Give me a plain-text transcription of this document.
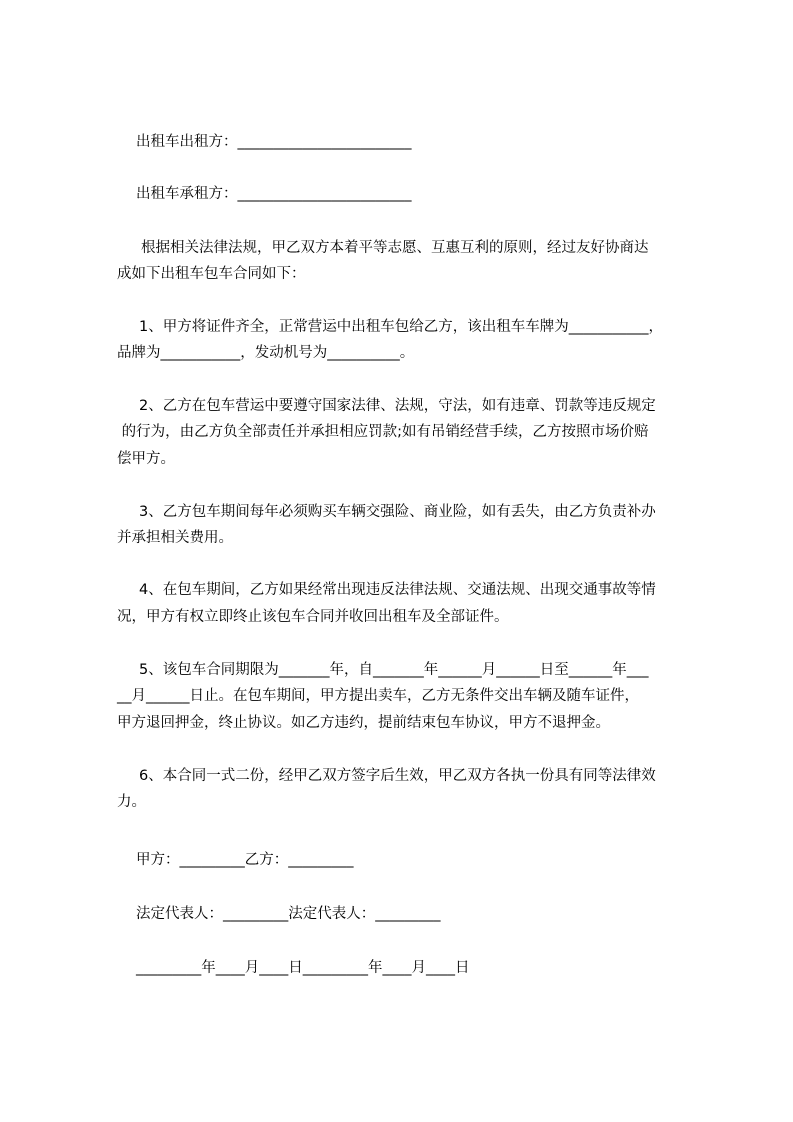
出租车出租方：________________________
出租车承租方：________________________
根据相关法律法规，甲乙双方本着平等志愿、互惠互利的原则，经过友好协商达
成如下出租车包车合同如下：
1、甲方将证件齐全，正常营运中出租车包给乙方，该出租车车牌为___________，
品牌为___________，发动机号为__________。
2、乙方在包车营运中要遵守国家法律、法规，守法，如有违章、罚款等违反规定
的行为，由乙方负全部责任并承担相应罚款;如有吊销经营手续，乙方按照市场价赔
偿甲方。
3、乙方包车期间每年必须购买车辆交强险、商业险，如有丢失，由乙方负责补办
并承担相关费用。
4、在包车期间，乙方如果经常出现违反法律法规、交通法规、出现交通事故等情
况，甲方有权立即终止该包车合同并收回出租车及全部证件。
5、该包车合同期限为_______年，自_______年______月______日至______年___
__月______日止。在包车期间，甲方提出卖车，乙方无条件交出车辆及随车证件，
甲方退回押金，终止协议。如乙方违约，提前结束包车协议，甲方不退押金。
6、本合同一式二份，经甲乙双方签字后生效，甲乙双方各执一份具有同等法律效
力。
甲方：_________乙方：_________
法定代表人：_________法定代表人：_________
_________年____月____日_________年____月____日
